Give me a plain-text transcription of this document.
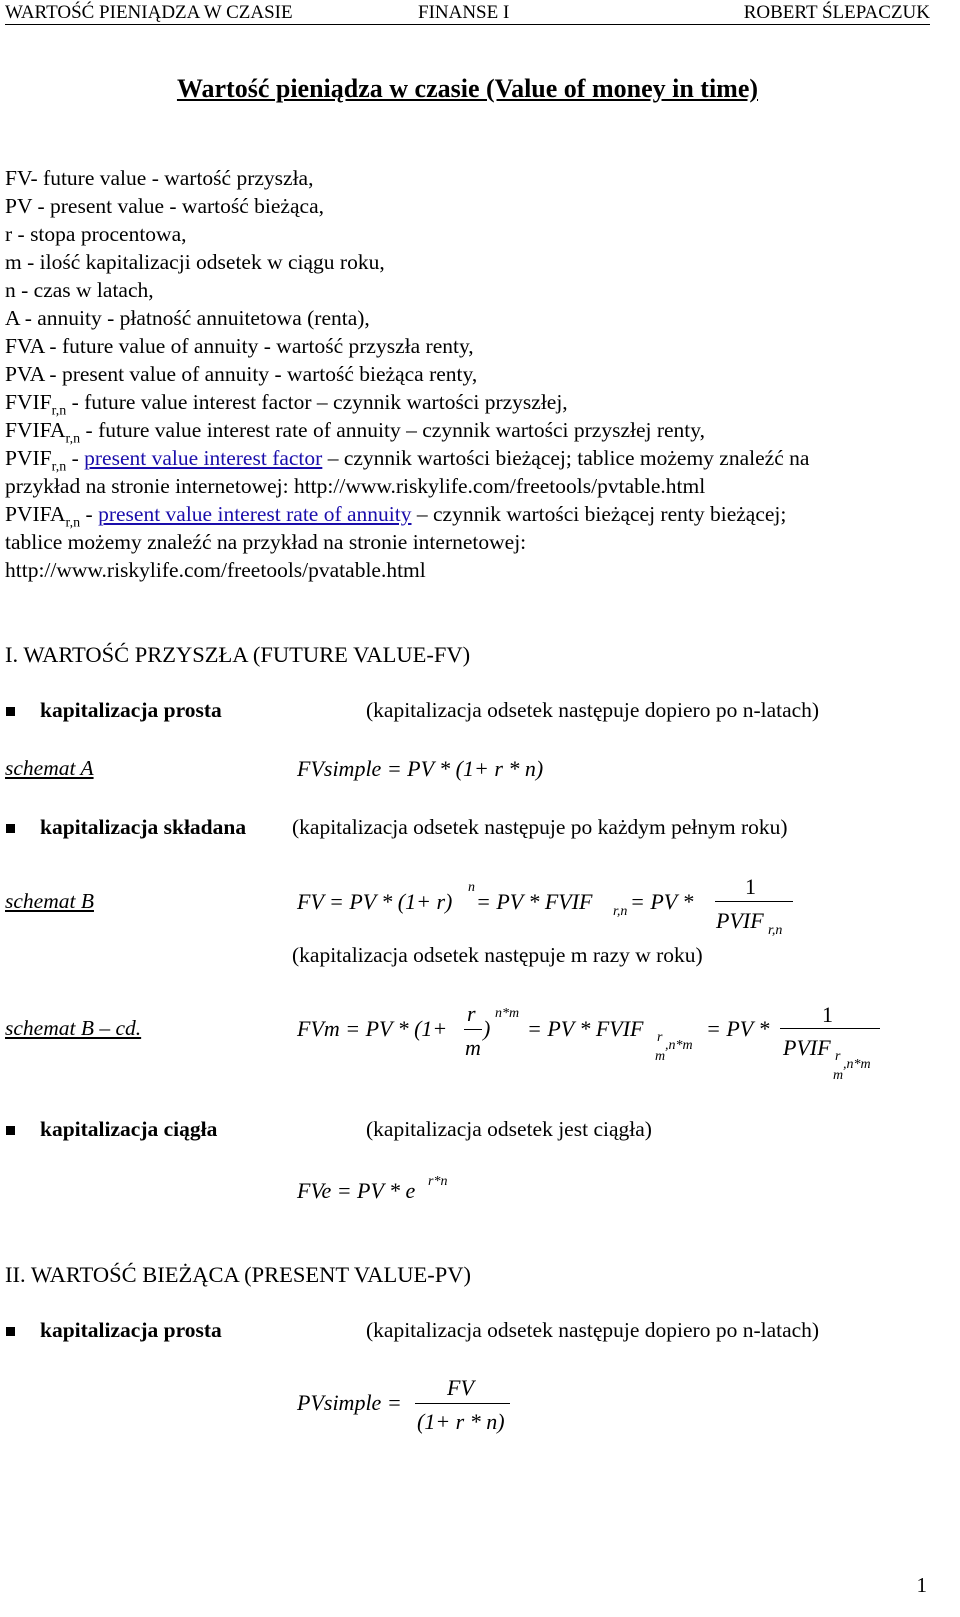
WARTOŚĆ PIENIĄDZA W CZASIE	FINANSE I	ROBERT ŚLEPACZUK
Wartość pieniądza w czasie (Value of money in time)
FV- future value - wartość przyszła,
PV - present value - wartość bieżąca,
r - stopa procentowa,
m - ilość kapitalizacji odsetek w ciągu roku,
n - czas w latach,
A - annuity - płatność annuitetowa (renta),
FVA - future value of annuity - wartość przyszła renty,
PVA - present value of annuity - wartość bieżąca renty,
$FVIF_{r,n}$ - future value interest factor – czynnik wartości przyszłej,
$FVIFA_{r,n}$ - future value interest rate of annuity – czynnik wartości przyszłej renty,
$PVIF_{r,n}$ - present value interest factor – czynnik wartości bieżącej; tablice możemy znaleźć na
przykład na stronie internetowej: http://www.riskylife.com/freetools/pvtable.html
$PVIFA_{r,n}$ - present value interest rate of annuity – czynnik wartości bieżącej renty bieżącej;
tablice możemy znaleźć na przykład na stronie internetowej:
http://www.riskylife.com/freetools/pvatable.html
I. WARTOŚĆ PRZYSZŁA (FUTURE VALUE-FV)
kapitalizacja prosta	(kapitalizacja odsetek następuje dopiero po n-latach)
schemat A	FVsimple = PV * (1+ r * n)
kapitalizacja składana (kapitalizacja odsetek następuje po każdym pełnym roku)
schemat B	FV = PV * (1+ r)
n
= PV * FVIF r,n = PV *
1
PVIF r,n
(kapitalizacja odsetek następuje m razy w roku)
schemat B – cd.	FVm = PV * (1+
r
m
)
n*m
= PV * FVIF r
,n*m
m
= PV *
1
PVIF r
,n*m
m
kapitalizacja ciągła	(kapitalizacja odsetek jest ciągła)
FVe = PV * e r*n
II. WARTOŚĆ BIEŻĄCA (PRESENT VALUE-PV)
kapitalizacja prosta	(kapitalizacja odsetek następuje dopiero po n-latach)
PVsimple =
FV
(1+ r * n)
1
